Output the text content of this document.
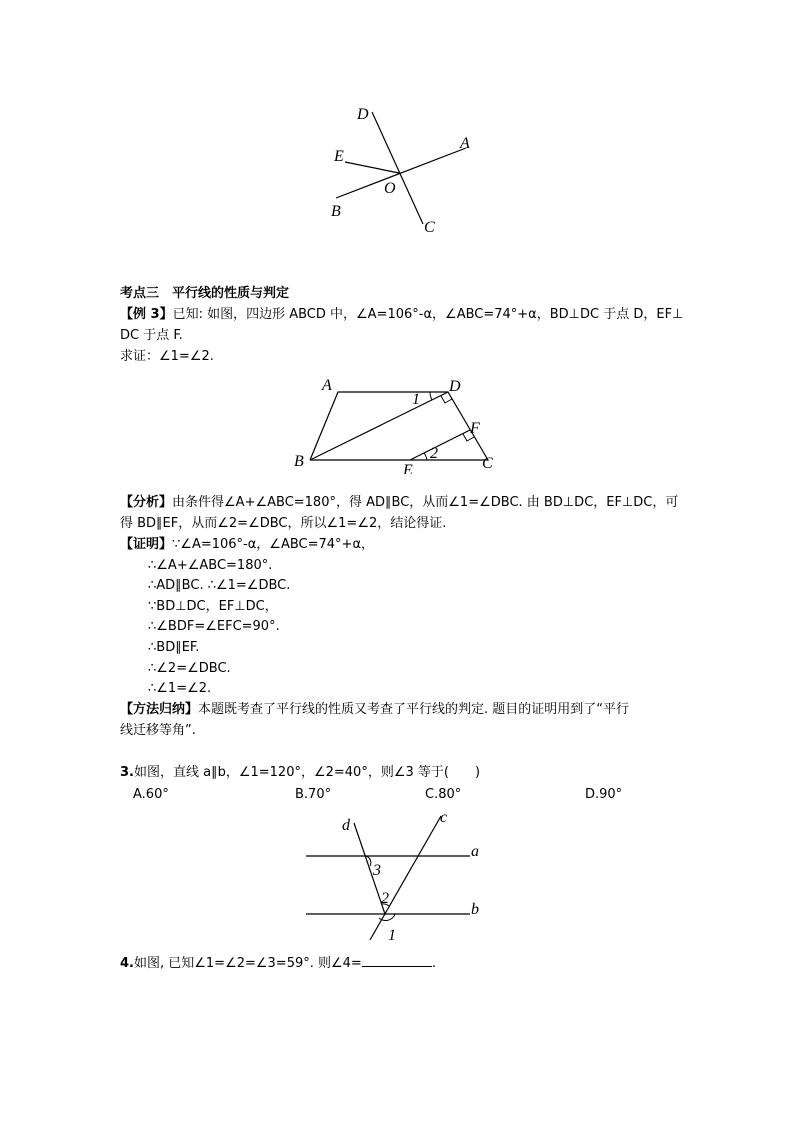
D
E
A
O
B
C
考点三　平行线的性质与判定
【例 3】已知: 如图，四边形 ABCD 中，∠A=106°-α，∠ABC=74°+α，BD⊥DC 于点 D，EF⊥
DC 于点 F.
求证：∠1=∠2.
A	D
B	C
E
F
1
2
【分析】由条件得∠A+∠ABC=180°，得 AD∥BC，从而∠1=∠DBC. 由 BD⊥DC，EF⊥DC，可
得 BD∥EF，从而∠2=∠DBC，所以∠1=∠2，结论得证.
【证明】∵∠A=106°-α，∠ABC=74°+α，
∴∠A+∠ABC=180°.
∴AD∥BC. ∴∠1=∠DBC.
∵BD⊥DC，EF⊥DC，
∴∠BDF=∠EFC=90°.
∴BD∥EF.
∴∠2=∠DBC.
∴∠1=∠2.
【方法归纳】本题既考查了平行线的性质又考查了平行线的判定. 题目的证明用到了“平行
线迁移等角”.
3.如图，直线 a∥b，∠1=120°，∠2=40°，则∠3 等于(　　)
A.60°	B.70°	C.80°	D.90°
d	c
a
b
3
2
1
4.如图, 已知∠1=∠2=∠3=59°. 则∠4=	.
